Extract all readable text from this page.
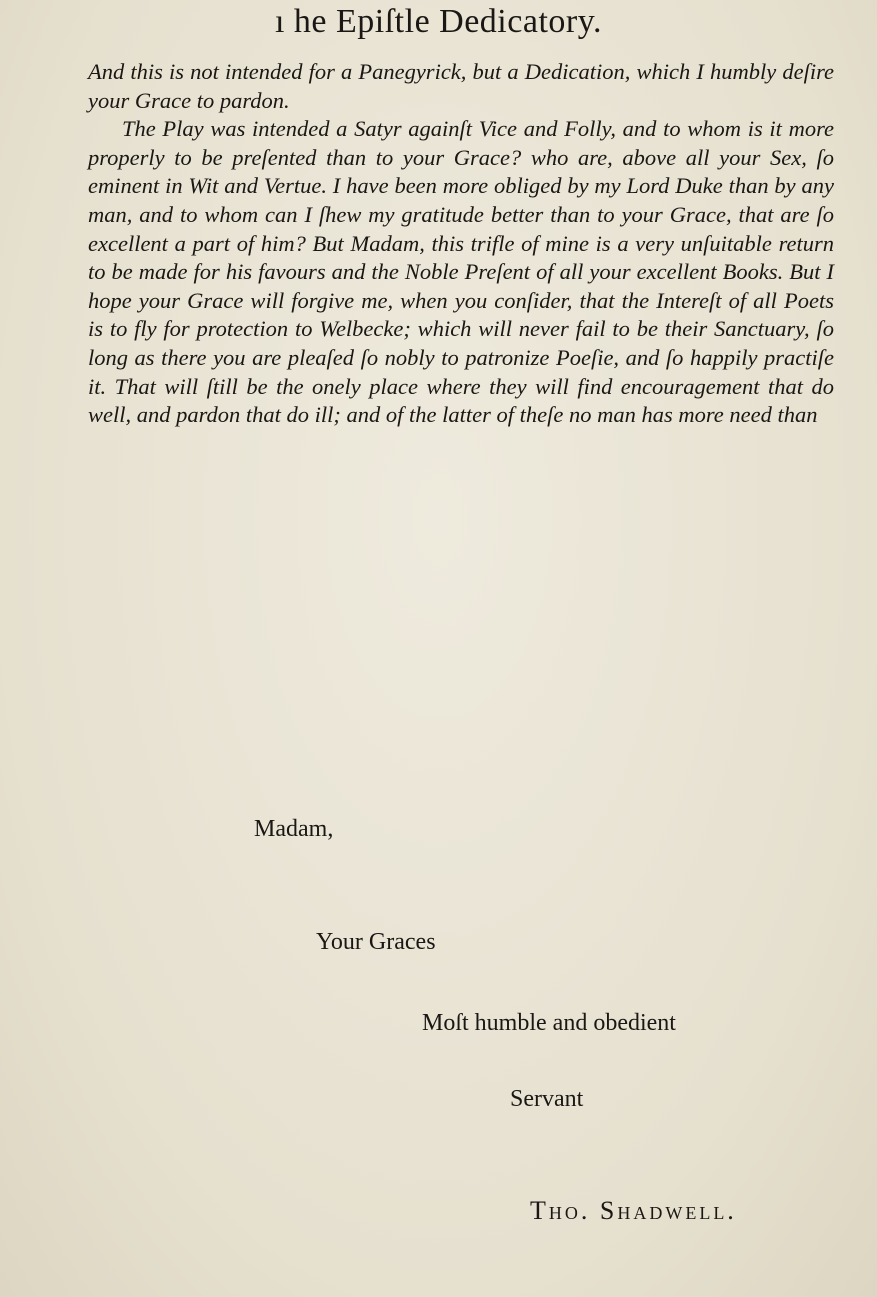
ı he Epiſtle Dedicatory.

And this is not intended for a Panegyrick, but a Dedication, which I humbly deſire your Grace to pardon.

The Play was intended a Satyr againſt Vice and Folly, and to whom is it more properly to be preſented than to your Grace? who are, above all your Sex, ſo eminent in Wit and Vertue. I have been more obliged by my Lord Duke than by any man, and to whom can I ſhew my gratitude better than to your Grace, that are ſo excellent a part of him? But Madam, this trifle of mine is a very unſuitable return to be made for his favours and the Noble Preſent of all your excellent Books. But I hope your Grace will forgive me, when you conſider, that the Intereſt of all Poets is to fly for protection to Welbecke; which will never fail to be their Sanctuary, ſo long as there you are pleaſed ſo nobly to patronize Poeſie, and ſo happily practiſe it. That will ſtill be the onely place where they will find encouragement that do well, and pardon that do ill; and of the latter of theſe no man has more need than

Madam,
Your Graces
Moſt humble and obedient
Servant
Tho. Shadwell.
